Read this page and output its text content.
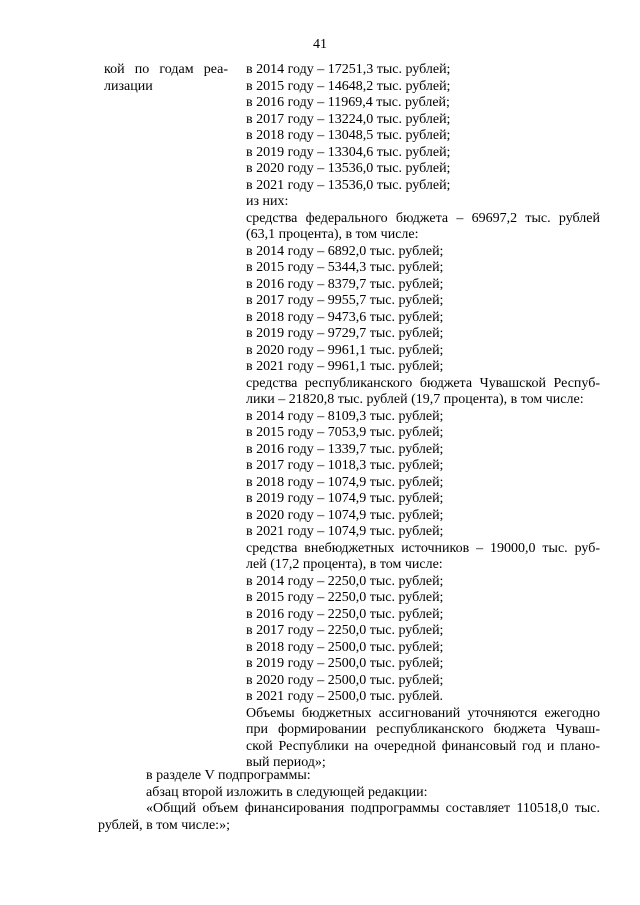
41
кой по годам реа-
лизации
в 2014 году – 17251,3 тыс. рублей;
в 2015 году – 14648,2 тыс. рублей;
в 2016 году – 11969,4 тыс. рублей;
в 2017 году – 13224,0 тыс. рублей;
в 2018 году – 13048,5 тыс. рублей;
в 2019 году – 13304,6 тыс. рублей;
в 2020 году – 13536,0 тыс. рублей;
в 2021 году – 13536,0 тыс. рублей;
из них:
средства федерального бюджета – 69697,2 тыс. рублей
(63,1 процента), в том числе:
в 2014 году – 6892,0 тыс. рублей;
в 2015 году – 5344,3 тыс. рублей;
в 2016 году – 8379,7 тыс. рублей;
в 2017 году – 9955,7 тыс. рублей;
в 2018 году – 9473,6 тыс. рублей;
в 2019 году – 9729,7 тыс. рублей;
в 2020 году – 9961,1 тыс. рублей;
в 2021 году – 9961,1 тыс. рублей;
средства республиканского бюджета Чувашской Респуб-
лики – 21820,8 тыс. рублей (19,7 процента), в том числе:
в 2014 году – 8109,3 тыс. рублей;
в 2015 году – 7053,9 тыс. рублей;
в 2016 году – 1339,7 тыс. рублей;
в 2017 году – 1018,3 тыс. рублей;
в 2018 году – 1074,9 тыс. рублей;
в 2019 году – 1074,9 тыс. рублей;
в 2020 году – 1074,9 тыс. рублей;
в 2021 году – 1074,9 тыс. рублей;
средства внебюджетных источников – 19000,0 тыс. руб-
лей (17,2 процента), в том числе:
в 2014 году – 2250,0 тыс. рублей;
в 2015 году – 2250,0 тыс. рублей;
в 2016 году – 2250,0 тыс. рублей;
в 2017 году – 2250,0 тыс. рублей;
в 2018 году – 2500,0 тыс. рублей;
в 2019 году – 2500,0 тыс. рублей;
в 2020 году – 2500,0 тыс. рублей;
в 2021 году – 2500,0 тыс. рублей.
Объемы бюджетных ассигнований уточняются ежегодно
при формировании республиканского бюджета Чуваш-
ской Республики на очередной финансовый год и плано-
вый период»;
в разделе V подпрограммы:
абзац второй изложить в следующей редакции:
«Общий объем финансирования подпрограммы составляет 110518,0 тыс.
рублей, в том числе:»;
